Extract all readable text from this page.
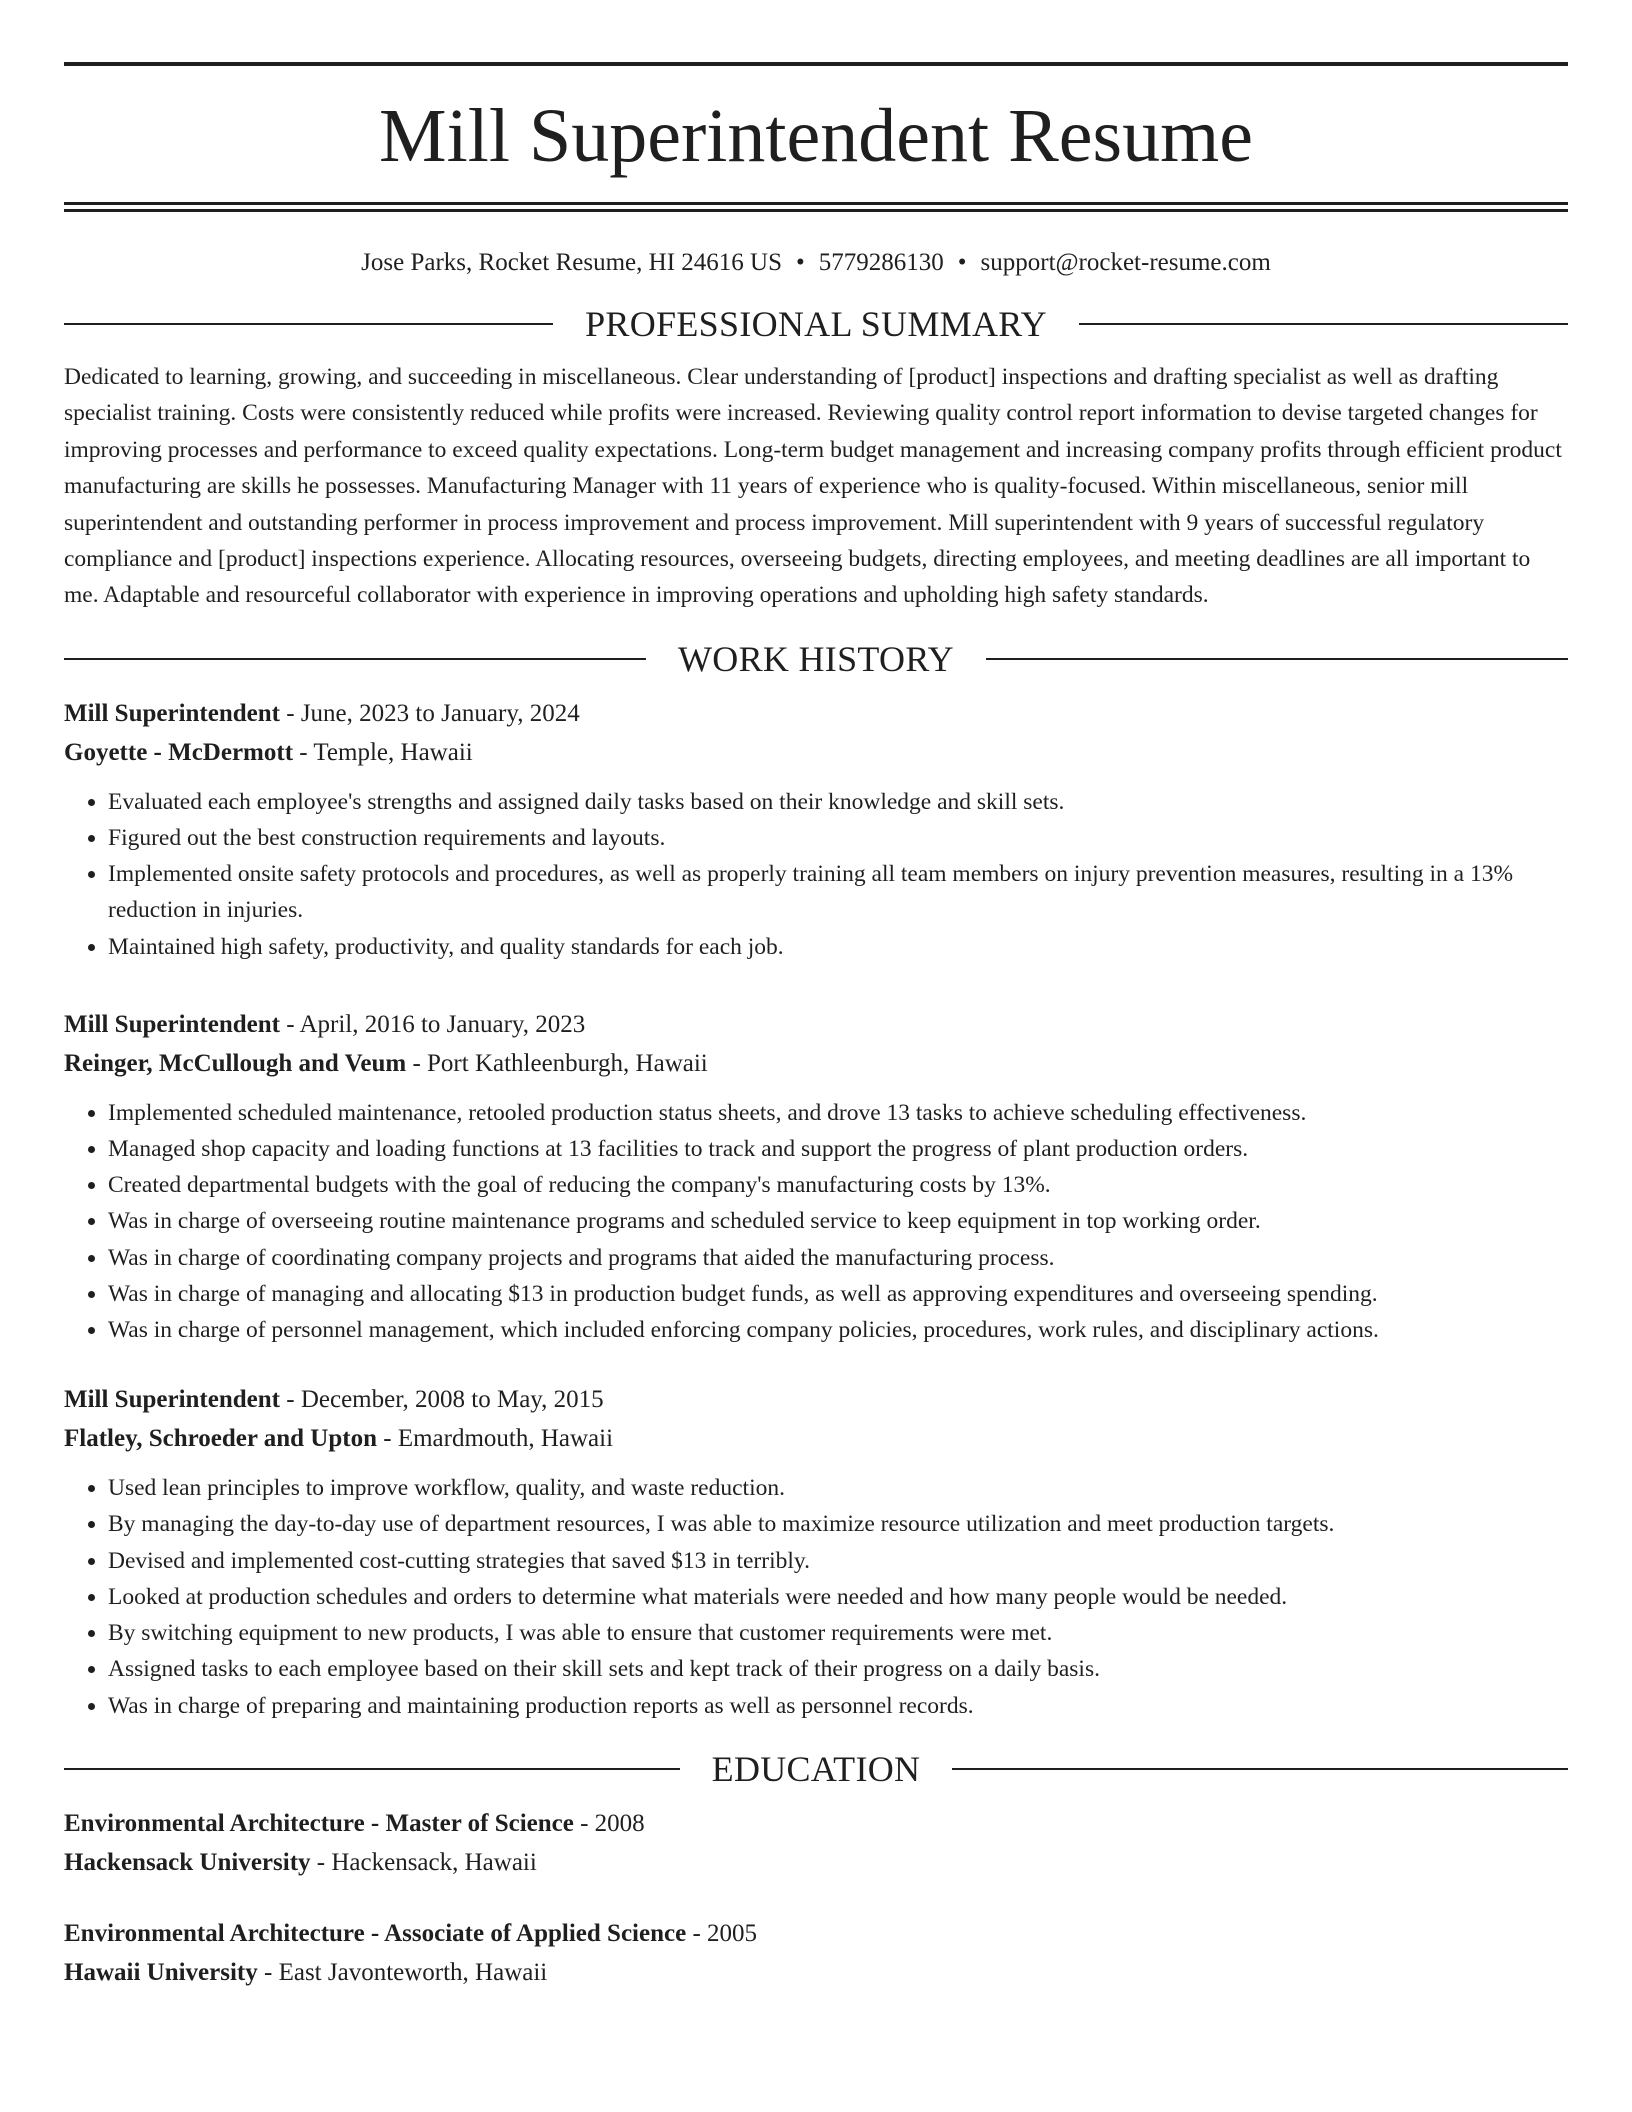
Mill Superintendent Resume
Jose Parks, Rocket Resume, HI 24616 US • 5779286130 • support@rocket-resume.com
PROFESSIONAL SUMMARY

Dedicated to learning, growing, and succeeding in miscellaneous. Clear understanding of [product] inspections and drafting specialist as well as drafting specialist training. Costs were consistently reduced while profits were increased. Reviewing quality control report information to devise targeted changes for improving processes and performance to exceed quality expectations. Long-term budget management and increasing company profits through efficient product manufacturing are skills he possesses. Manufacturing Manager with 11 years of experience who is quality-focused. Within miscellaneous, senior mill superintendent and outstanding performer in process improvement and process improvement. Mill superintendent with 9 years of successful regulatory compliance and [product] inspections experience. Allocating resources, overseeing budgets, directing employees, and meeting deadlines are all important to me. Adaptable and resourceful collaborator with experience in improving operations and upholding high safety standards.

WORK HISTORY
Mill Superintendent - June, 2023 to January, 2024
Goyette - McDermott - Temple, Hawaii
• Evaluated each employee's strengths and assigned daily tasks based on their knowledge and skill sets.
• Figured out the best construction requirements and layouts.
• Implemented onsite safety protocols and procedures, as well as properly training all team members on injury prevention measures, resulting in a 13% reduction in injuries.
• Maintained high safety, productivity, and quality standards for each job.
Mill Superintendent - April, 2016 to January, 2023
Reinger, McCullough and Veum - Port Kathleenburgh, Hawaii
• Implemented scheduled maintenance, retooled production status sheets, and drove 13 tasks to achieve scheduling effectiveness.
• Managed shop capacity and loading functions at 13 facilities to track and support the progress of plant production orders.
• Created departmental budgets with the goal of reducing the company's manufacturing costs by 13%.
• Was in charge of overseeing routine maintenance programs and scheduled service to keep equipment in top working order.
• Was in charge of coordinating company projects and programs that aided the manufacturing process.
• Was in charge of managing and allocating $13 in production budget funds, as well as approving expenditures and overseeing spending.
• Was in charge of personnel management, which included enforcing company policies, procedures, work rules, and disciplinary actions.
Mill Superintendent - December, 2008 to May, 2015
Flatley, Schroeder and Upton - Emardmouth, Hawaii
• Used lean principles to improve workflow, quality, and waste reduction.
• By managing the day-to-day use of department resources, I was able to maximize resource utilization and meet production targets.
• Devised and implemented cost-cutting strategies that saved $13 in terribly.
• Looked at production schedules and orders to determine what materials were needed and how many people would be needed.
• By switching equipment to new products, I was able to ensure that customer requirements were met.
• Assigned tasks to each employee based on their skill sets and kept track of their progress on a daily basis.
• Was in charge of preparing and maintaining production reports as well as personnel records.
EDUCATION
Environmental Architecture - Master of Science - 2008
Hackensack University - Hackensack, Hawaii
Environmental Architecture - Associate of Applied Science - 2005
Hawaii University - East Javonteworth, Hawaii
